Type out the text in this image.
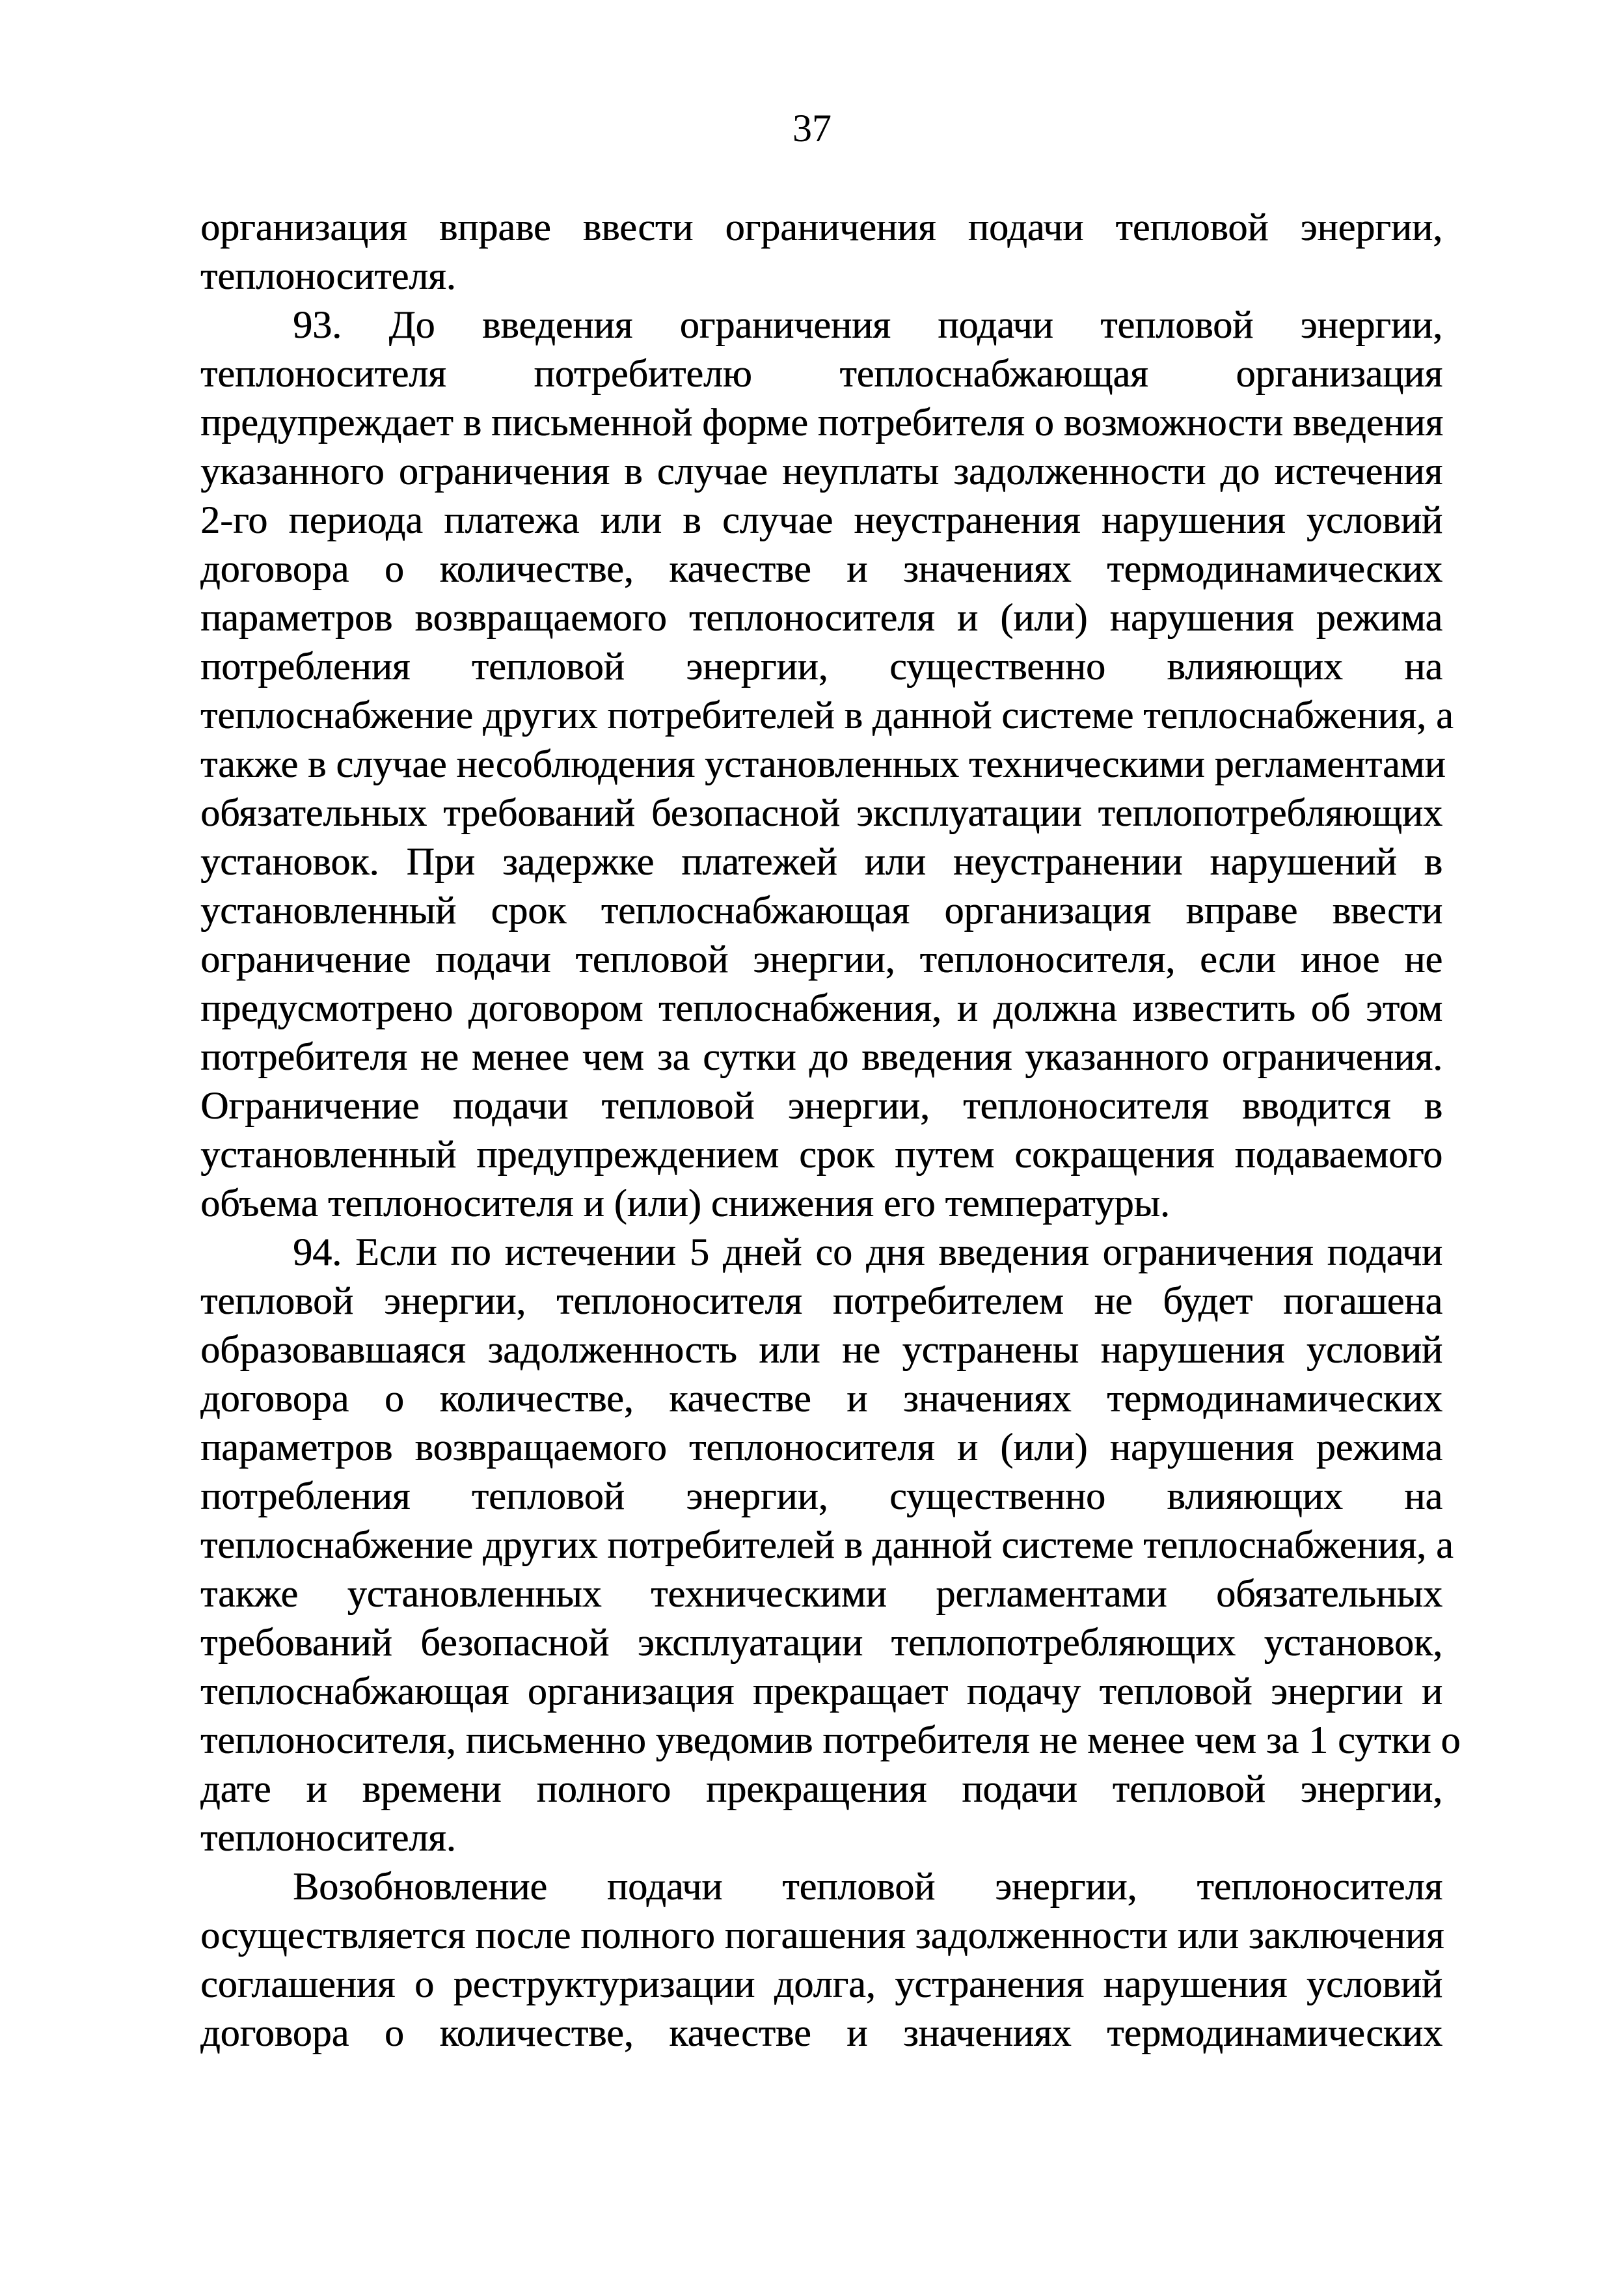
37
организация вправе ввести ограничения подачи тепловой энергии,
теплоносителя.
93. До введения ограничения подачи тепловой энергии,
теплоносителя потребителю теплоснабжающая организация
предупреждает в письменной форме потребителя о возможности введения
указанного ограничения в случае неуплаты задолженности до истечения
2-го периода платежа или в случае неустранения нарушения условий
договора о количестве, качестве и значениях термодинамических
параметров возвращаемого теплоносителя и (или) нарушения режима
потребления тепловой энергии, существенно влияющих на
теплоснабжение других потребителей в данной системе теплоснабжения, а
также в случае несоблюдения установленных техническими регламентами
обязательных требований безопасной эксплуатации теплопотребляющих
установок. При задержке платежей или неустранении нарушений в
установленный срок теплоснабжающая организация вправе ввести
ограничение подачи тепловой энергии, теплоносителя, если иное не
предусмотрено договором теплоснабжения, и должна известить об этом
потребителя не менее чем за сутки до введения указанного ограничения.
Ограничение подачи тепловой энергии, теплоносителя вводится в
установленный предупреждением срок путем сокращения подаваемого
объема теплоносителя и (или) снижения его температуры.
94. Если по истечении 5 дней со дня введения ограничения подачи
тепловой энергии, теплоносителя потребителем не будет погашена
образовавшаяся задолженность или не устранены нарушения условий
договора о количестве, качестве и значениях термодинамических
параметров возвращаемого теплоносителя и (или) нарушения режима
потребления тепловой энергии, существенно влияющих на
теплоснабжение других потребителей в данной системе теплоснабжения, а
также установленных техническими регламентами обязательных
требований безопасной эксплуатации теплопотребляющих установок,
теплоснабжающая организация прекращает подачу тепловой энергии и
теплоносителя, письменно уведомив потребителя не менее чем за 1 сутки о
дате и времени полного прекращения подачи тепловой энергии,
теплоносителя.
Возобновление подачи тепловой энергии, теплоносителя
осуществляется после полного погашения задолженности или заключения
соглашения о реструктуризации долга, устранения нарушения условий
договора о количестве, качестве и значениях термодинамических
